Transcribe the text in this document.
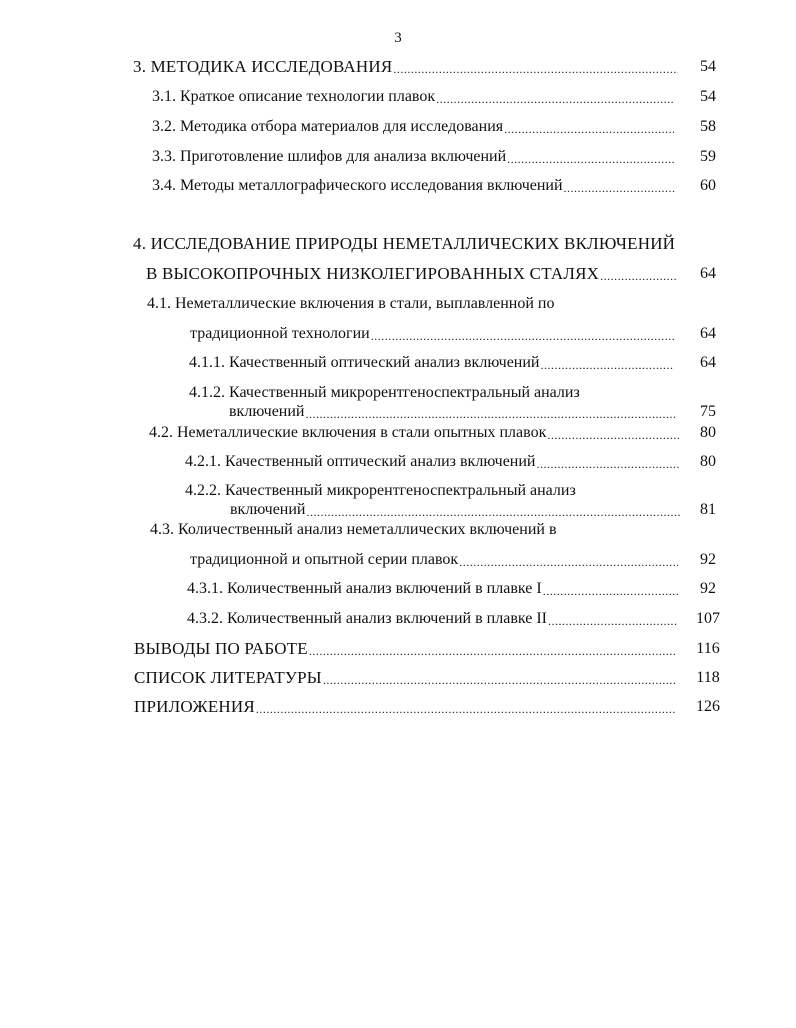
3
3. МЕТОДИКА ИССЛЕДОВАНИЯ .....	54
3.1. Краткое описание технологии плавок .....	54
3.2. Методика отбора материалов для исследования .....	58
3.3. Приготовление шлифов для анализа включений .....	59
3.4. Методы металлографического исследования включений .....	60
4. ИССЛЕДОВАНИЕ ПРИРОДЫ НЕМЕТАЛЛИЧЕСКИХ ВКЛЮЧЕНИЙ
В ВЫСОКОПРОЧНЫХ НИЗКОЛЕГИРОВАННЫХ СТАЛЯХ .....	64
4.1. Неметаллические включения в стали, выплавленной по
традиционной технологии .....	64
4.1.1. Качественный оптический анализ включений .....	64
4.1.2. Качественный микрорентгеноспектральный анализ
включений .....	75
4.2. Неметаллические включения в стали опытных плавок .....	80
4.2.1. Качественный оптический анализ включений .....	80
4.2.2. Качественный микрорентгеноспектральный анализ
включений .....	81
4.3. Количественный анализ неметаллических включений в
традиционной и опытной серии плавок .....	92
4.3.1. Количественный анализ включений в плавке I .....	92
4.3.2. Количественный анализ включений в плавке II .....	107
ВЫВОДЫ ПО РАБОТЕ .....	116
СПИСОК ЛИТЕРАТУРЫ .....	118
ПРИЛОЖЕНИЯ .....	126
